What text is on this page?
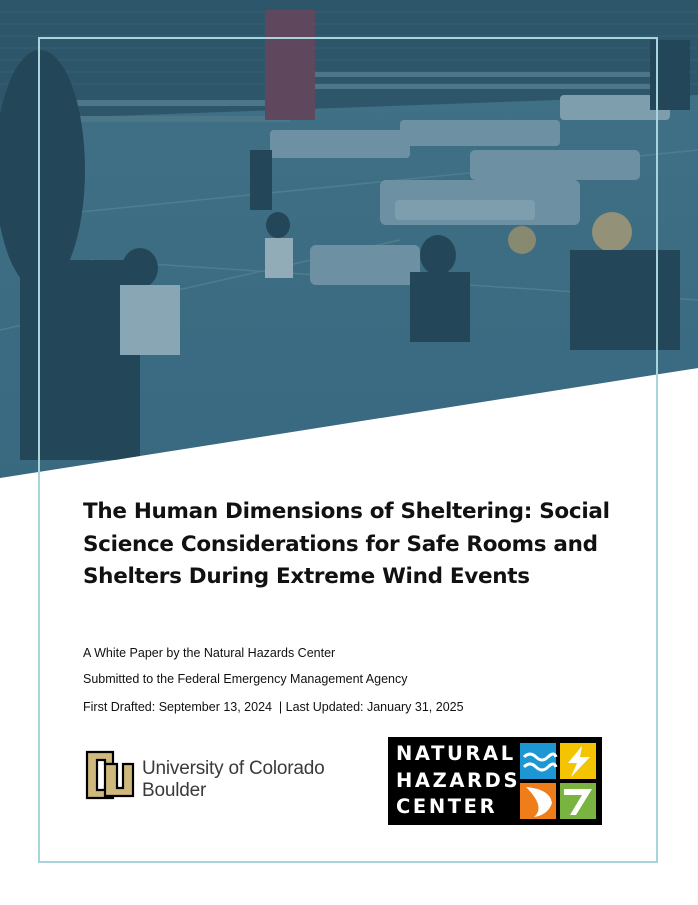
The Human Dimensions of Sheltering: Social Science Considerations for Safe Rooms and Shelters During Extreme Wind Events

A White Paper by the Natural Hazards Center

Submitted to the Federal Emergency Management Agency

First Drafted: September 13, 2024  | Last Updated: January 31, 2025

University of Colorado
Boulder
NATURAL
HAZARDS
CENTER
